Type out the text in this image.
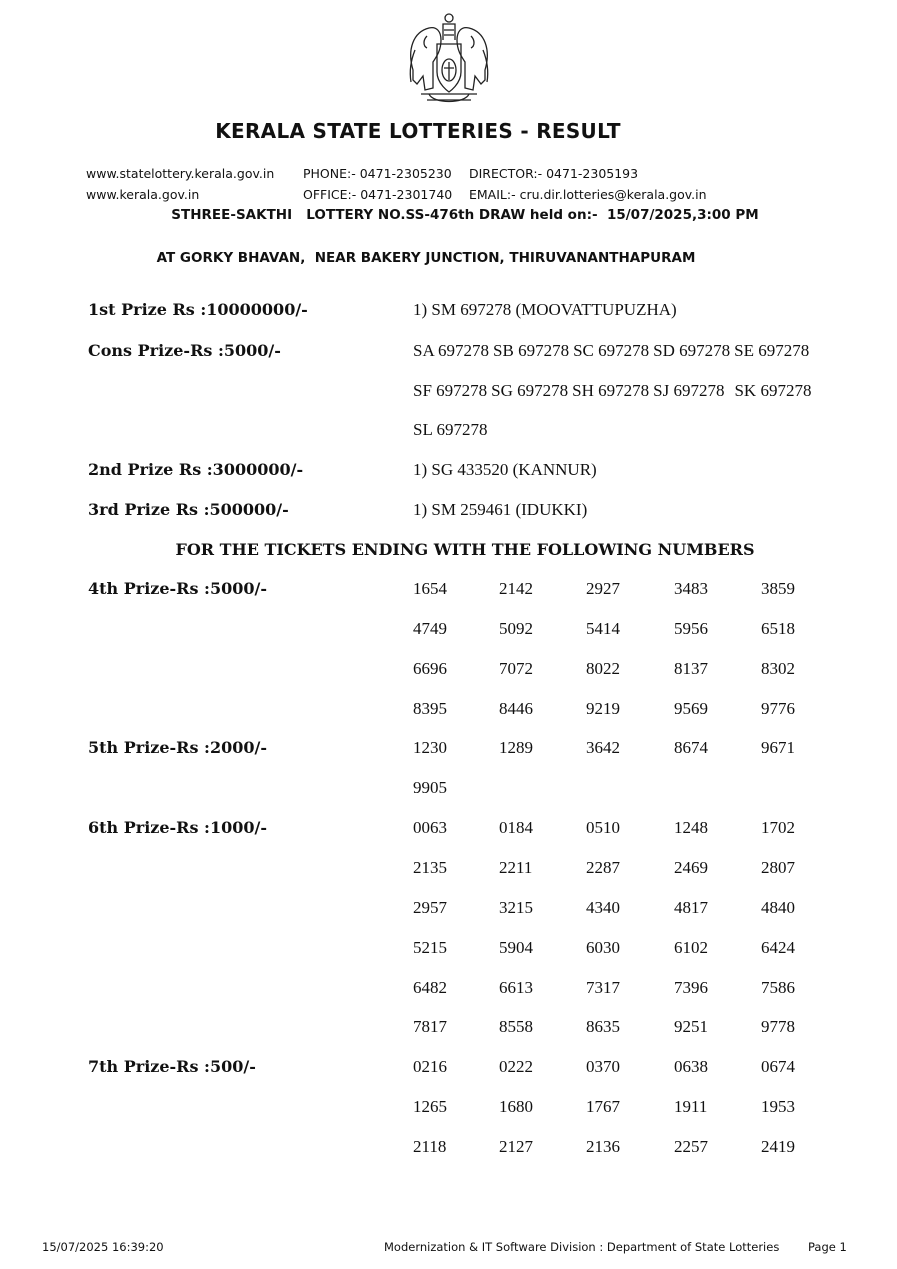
KERALA STATE LOTTERIES - RESULT
www.statelottery.kerala.gov.in
www.kerala.gov.in
PHONE:- 0471-2305230
OFFICE:- 0471-2301740
DIRECTOR:- 0471-2305193
EMAIL:- cru.dir.lotteries@kerala.gov.in
STHREE-SAKTHI   LOTTERY NO.SS-476th DRAW held on:-  15/07/2025,3:00 PM
AT GORKY BHAVAN,  NEAR BAKERY JUNCTION, THIRUVANANTHAPURAM
1st Prize Rs :10000000/-	1) SM 697278 (MOOVATTUPUZHA)
Cons Prize-Rs :5000/-	SA 697278 SB 697278 SC 697278 SD 697278 SE 697278
SF 697278 SG 697278 SH 697278 SJ 697278 SK 697278
SL 697278
2nd Prize Rs :3000000/-	1) SG 433520 (KANNUR)
3rd Prize Rs :500000/-	1) SM 259461 (IDUKKI)
FOR THE TICKETS ENDING WITH THE FOLLOWING NUMBERS
4th Prize-Rs :5000/-	1654	2142	2927	3483	3859
4749	5092	5414	5956	6518
6696	7072	8022	8137	8302
8395	8446	9219	9569	9776
5th Prize-Rs :2000/-	1230	1289	3642	8674	9671
9905
6th Prize-Rs :1000/-	0063	0184	0510	1248	1702
2135	2211	2287	2469	2807
2957	3215	4340	4817	4840
5215	5904	6030	6102	6424
6482	6613	7317	7396	7586
7817	8558	8635	9251	9778
7th Prize-Rs :500/-	0216	0222	0370	0638	0674
1265	1680	1767	1911	1953
2118	2127	2136	2257	2419
15/07/2025 16:39:20	Modernization & IT Software Division : Department of State Lotteries Page 1
